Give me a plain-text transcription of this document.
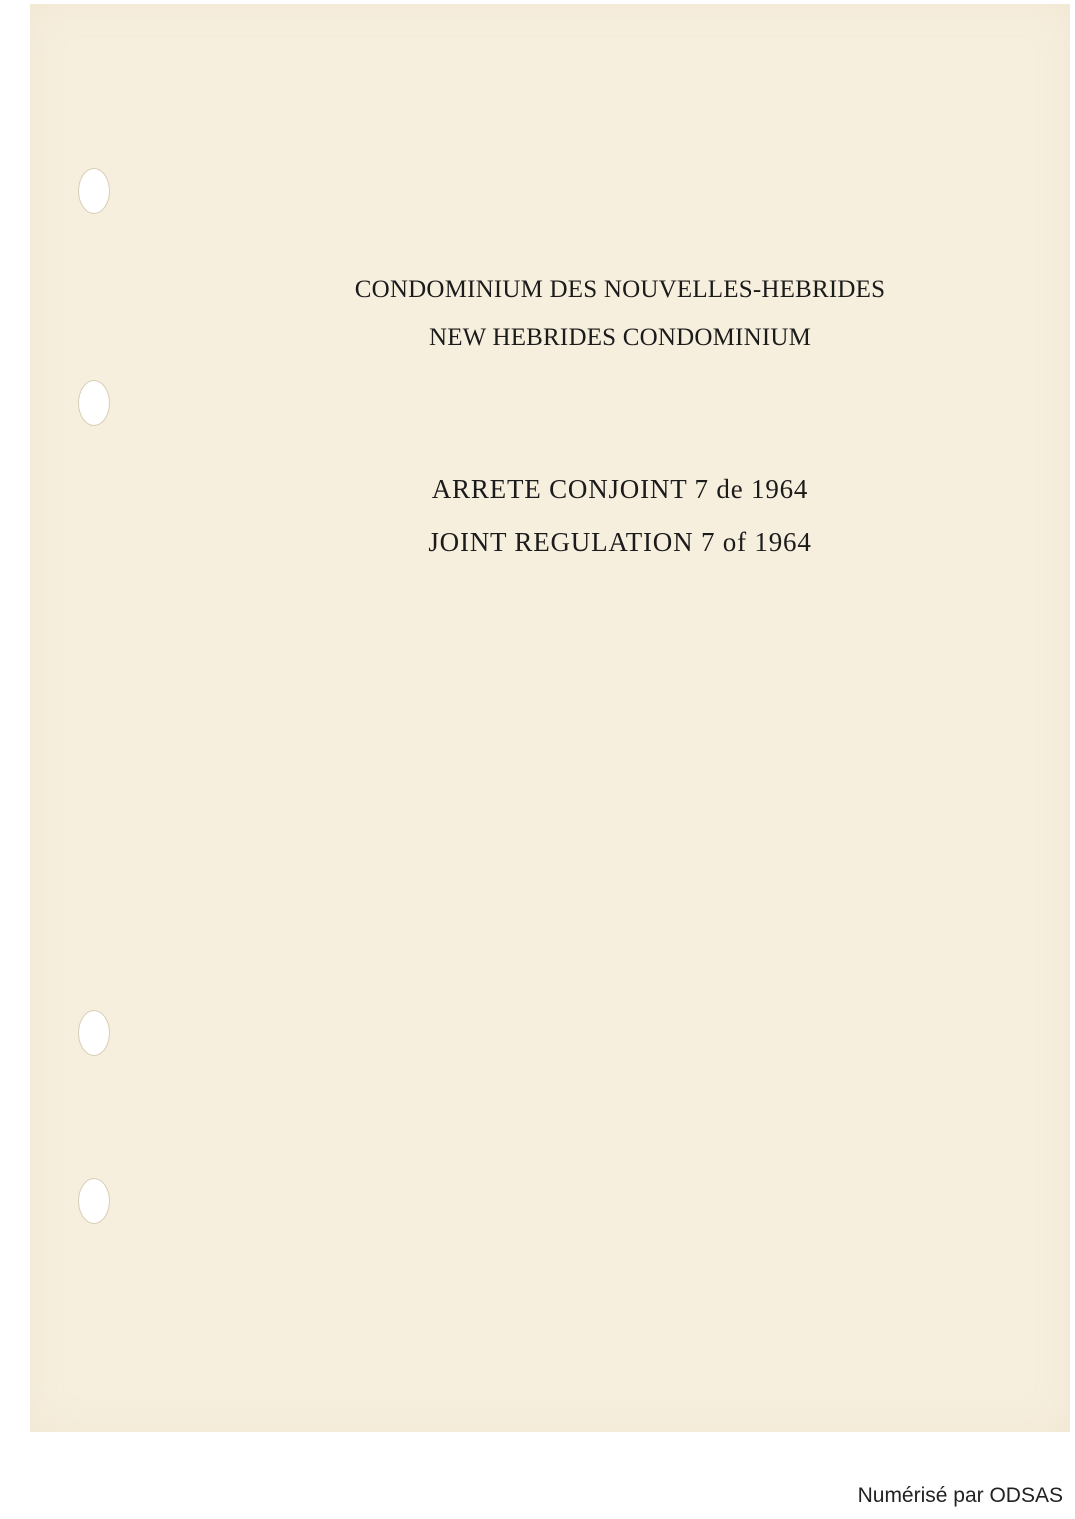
CONDOMINIUM DES NOUVELLES-HEBRIDES
NEW HEBRIDES CONDOMINIUM
ARRETE CONJOINT 7 de 1964
JOINT REGULATION 7 of 1964
Numérisé par ODSAS
